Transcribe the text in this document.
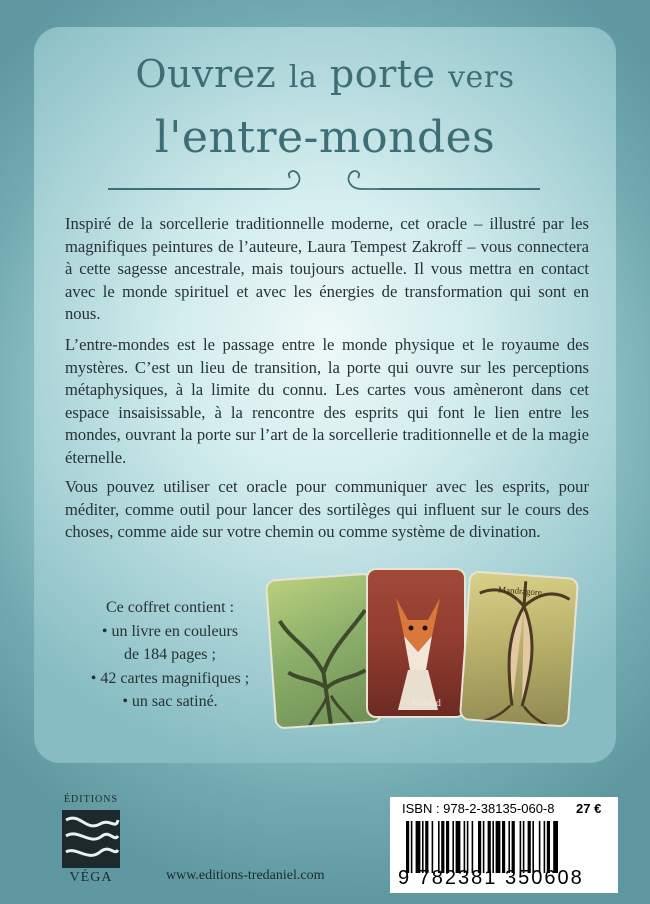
Ouvrez la porte vers
l'entre-mondes
Inspiré de la sorcellerie traditionnelle moderne, cet oracle – illustré par les magnifiques peintures de l’auteure, Laura Tempest Zakroff – vous connectera à cette sagesse ancestrale, mais toujours actuelle. Il vous mettra en contact avec le monde spirituel et avec les énergies de transformation qui sont en nous.
L’entre-mondes est le passage entre le monde physique et le royaume des mystères. C’est un lieu de transition, la porte qui ouvre sur les perceptions métaphysiques, à la limite du connu. Les cartes vous amèneront dans cet espace insaisissable, à la rencontre des esprits qui font le lien entre les mondes, ouvrant la porte sur l’art de la sorcellerie traditionnelle et de la magie éternelle.
Vous pouvez utiliser cet oracle pour communiquer avec les esprits, pour méditer, comme outil pour lancer des sortilèges qui influent sur le cours des choses, comme aide sur votre chemin ou comme système de divination.
Ce coffret contient :
• un livre en couleurs
de 184 pages ;
• 42 cartes magnifiques ;
• un sac satiné.	Renard
Mandragore
ÉDITIONS
VÉGA	www.editions-tredaniel.com
ISBN : 978-2-38135-060-8 27 €
9 782381 350608
